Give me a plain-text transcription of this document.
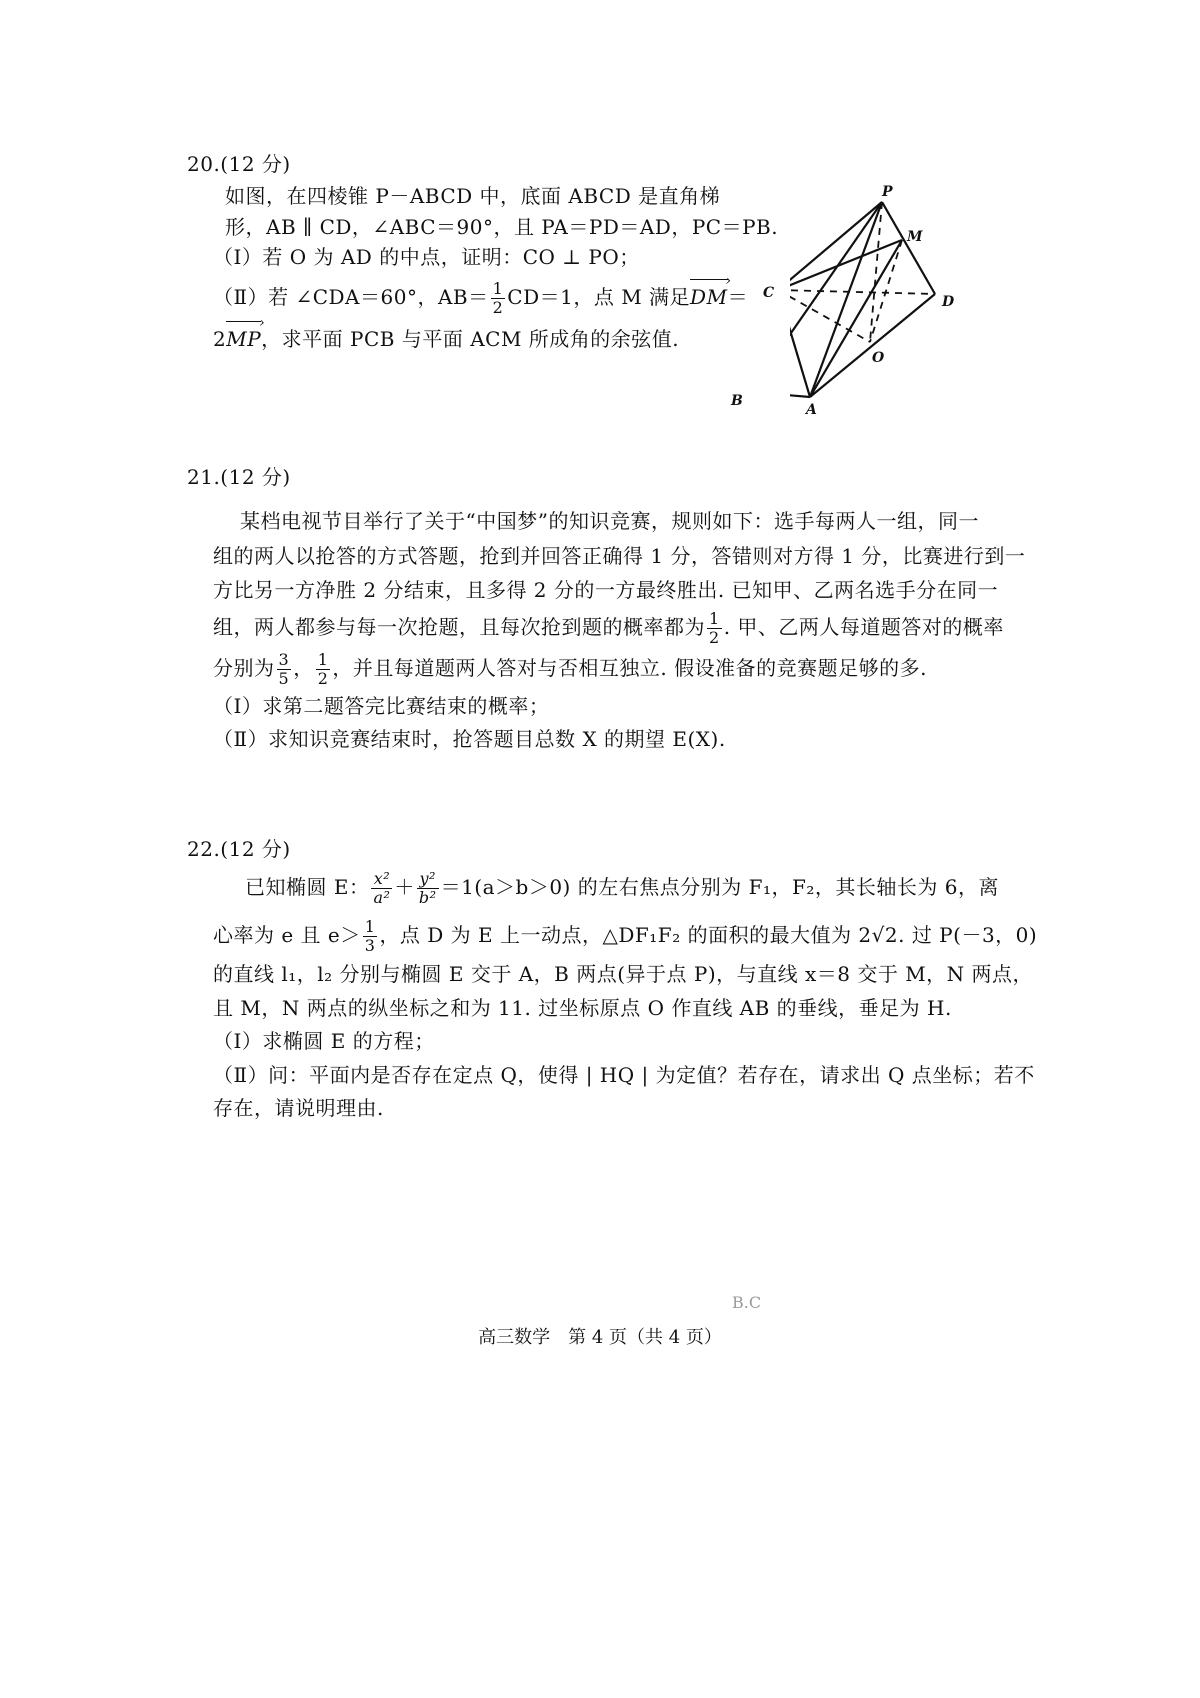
20.(12 分)
如图，在四棱锥 P－ABCD 中，底面 ABCD 是直角梯
形，AB ∥ CD，∠ABC＝90°，且 PA＝PD＝AD，PC＝PB.
（Ⅰ）若 O 为 AD 的中点，证明：CO ⊥ PO；
（Ⅱ）若 ∠CDA＝60°，$AB= \frac{1}{2} CD=1$，点 M 满足DM ›＝
2MP ›，求平面 PCB 与平面 ACM 所成角的余弦值.
P
M
C
D
O
B
A
21.(12 分)
某档电视节目举行了关于“中国梦”的知识竞赛，规则如下：选手每两人一组，同一
组的两人以抢答的方式答题，抢到并回答正确得 1 分，答错则对方得 1 分，比赛进行到一
方比另一方净胜 2 分结束，且多得 2 分的一方最终胜出. 已知甲、乙两名选手分在同一
组，两人都参与每一次抢题，且每次抢到题的概率都为 $\frac{1}{2}$ . 甲、乙两人每道题答对的概率
分别为 $\frac{3}{5}$ ， $\frac{1}{2}$ ，并且每道题两人答对与否相互独立. 假设准备的竞赛题足够的多.
（Ⅰ）求第二题答完比赛结束的概率；
（Ⅱ）求知识竞赛结束时，抢答题目总数 X 的期望 E(X).
22.(12 分)
已知椭圆 E： $\frac{\text{x²}}{\text{a²}} + \frac{\text{y²}}{\text{b²}} =1(a>b>0)$ 的左右焦点分别为 F₁，F₂，其长轴长为 6，离
心率为 e 且 $e> \frac{1}{3}$ ，点 D 为 E 上一动点，△DF₁F₂ 的面积的最大值为 2√2. 过 P(－3，0)
的直线 l₁，l₂ 分别与椭圆 E 交于 A，B 两点(异于点 P)，与直线 x＝8 交于 M，N 两点，
且 M，N 两点的纵坐标之和为 11. 过坐标原点 O 作直线 AB 的垂线，垂足为 H.
（Ⅰ）求椭圆 E 的方程；
（Ⅱ）问：平面内是否存在定点 Q，使得 | HQ | 为定值？若存在，请求出 Q 点坐标；若不
存在，请说明理由.
B.C
高三数学　第 4 页（共 4 页）
